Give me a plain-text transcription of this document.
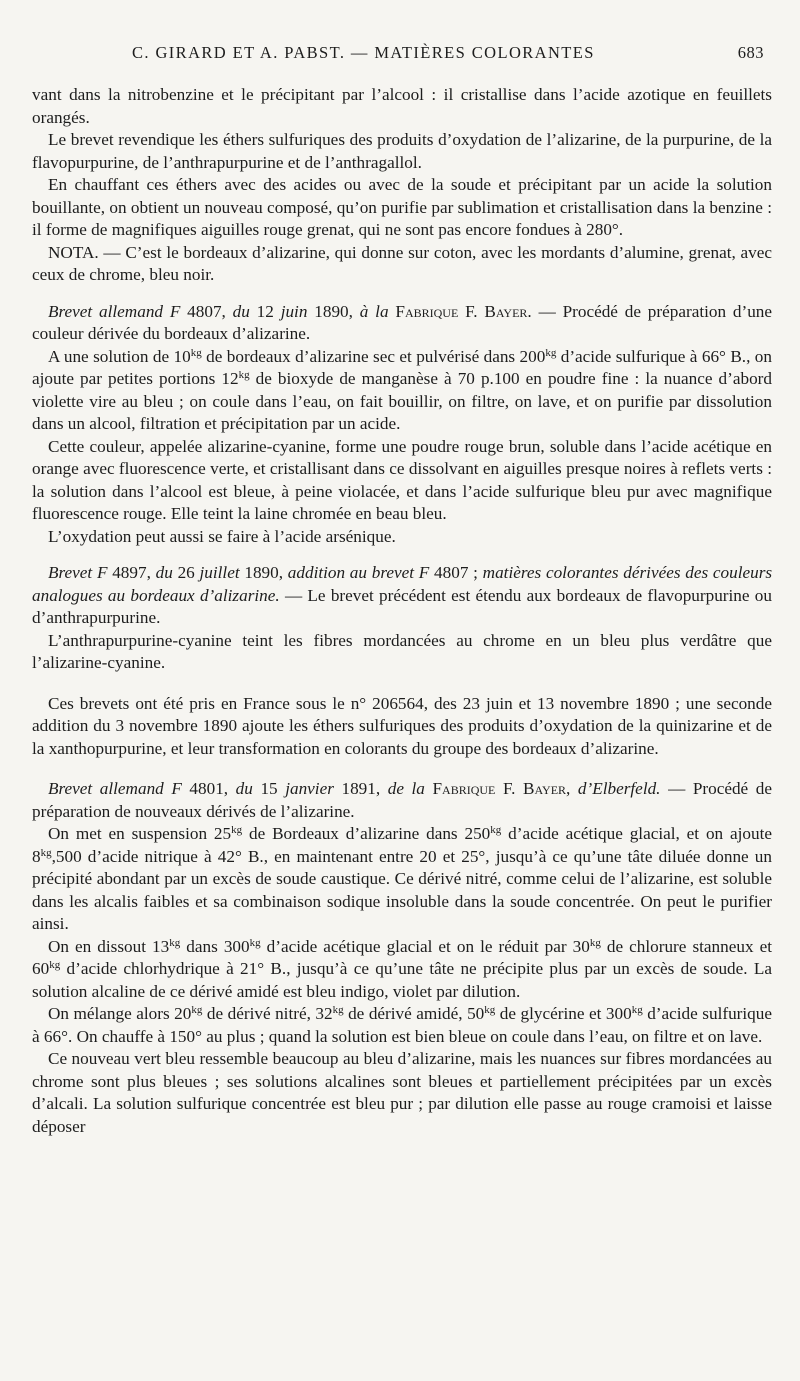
C. GIRARD ET A. PABST. — MATIÈRES COLORANTES	683

vant dans la nitrobenzine et le précipitant par l’alcool : il cristallise dans l’acide azotique en feuillets orangés.

Le brevet revendique les éthers sulfuriques des produits d’oxydation de l’alizarine, de la purpurine, de la flavopurpurine, de l’anthrapurpurine et de l’anthragallol.

En chauffant ces éthers avec des acides ou avec de la soude et précipitant par un acide la solution bouillante, on obtient un nouveau composé, qu’on purifie par sublimation et cristallisation dans la benzine : il forme de magnifiques aiguilles rouge grenat, qui ne sont pas encore fondues à 280°.

NOTA. — C’est le bordeaux d’alizarine, qui donne sur coton, avec les mordants d’alumine, grenat, avec ceux de chrome, bleu noir.

Brevet allemand F 4807, du 12 juin 1890, à la Fabrique F. Bayer. — Procédé de préparation d’une couleur dérivée du bordeaux d’alizarine.

A une solution de $10^{kg}$ de bordeaux d’alizarine sec et pulvérisé dans $200^{kg}$ d’acide sulfurique à 66° B., on ajoute par petites portions $12^{kg}$ de bioxyde de manganèse à 70 p.100 en poudre fine : la nuance d’abord violette vire au bleu ; on coule dans l’eau, on fait bouillir, on filtre, on lave, et on purifie par dissolution dans un alcool, filtration et précipitation par un acide.

Cette couleur, appelée alizarine-cyanine, forme une poudre rouge brun, soluble dans l’acide acétique en orange avec fluorescence verte, et cristallisant dans ce dissolvant en aiguilles presque noires à reflets verts : la solution dans l’alcool est bleue, à peine violacée, et dans l’acide sulfurique bleu pur avec magnifique fluorescence rouge. Elle teint la laine chromée en beau bleu.

L’oxydation peut aussi se faire à l’acide arsénique.

Brevet F 4897, du 26 juillet 1890, addition au brevet F 4807 ; matières colorantes dérivées des couleurs analogues au bordeaux d’alizarine. — Le brevet précédent est étendu aux bordeaux de flavopurpurine ou d’anthrapurpurine.

L’anthrapurpurine-cyanine teint les fibres mordancées au chrome en un bleu plus verdâtre que l’alizarine-cyanine.

Ces brevets ont été pris en France sous le n° 206564, des 23 juin et 13 novembre 1890 ; une seconde addition du 3 novembre 1890 ajoute les éthers sulfuriques des produits d’oxydation de la quinizarine et de la xanthopurpurine, et leur transformation en colorants du groupe des bordeaux d’alizarine.

Brevet allemand F 4801, du 15 janvier 1891, de la Fabrique F. Bayer, d’Elberfeld. — Procédé de préparation de nouveaux dérivés de l’alizarine.

On met en suspension $25^{kg}$ de Bordeaux d’alizarine dans $250^{kg}$ d’acide acétique glacial, et on ajoute $8^{kg},500$ d’acide nitrique à 42° B., en maintenant entre 20 et 25°, jusqu’à ce qu’une tâte diluée donne un précipité abondant par un excès de soude caustique. Ce dérivé nitré, comme celui de l’alizarine, est soluble dans les alcalis faibles et sa combinaison sodique insoluble dans la soude concentrée. On peut le purifier ainsi.

On en dissout $13^{kg}$ dans $300^{kg}$ d’acide acétique glacial et on le réduit par $30^{kg}$ de chlorure stanneux et $60^{kg}$ d’acide chlorhydrique à 21° B., jusqu’à ce qu’une tâte ne précipite plus par un excès de soude. La solution alcaline de ce dérivé amidé est bleu indigo, violet par dilution.

On mélange alors $20^{kg}$ de dérivé nitré, $32^{kg}$ de dérivé amidé, $50^{kg}$ de glycérine et $300^{kg}$ d’acide sulfurique à 66°. On chauffe à 150° au plus ; quand la solution est bien bleue on coule dans l’eau, on filtre et on lave.

Ce nouveau vert bleu ressemble beaucoup au bleu d’alizarine, mais les nuances sur fibres mordancées au chrome sont plus bleues ; ses solutions alcalines sont bleues et partiellement précipitées par un excès d’alcali. La solution sulfurique concentrée est bleu pur ; par dilution elle passe au rouge cramoisi et laisse déposer
